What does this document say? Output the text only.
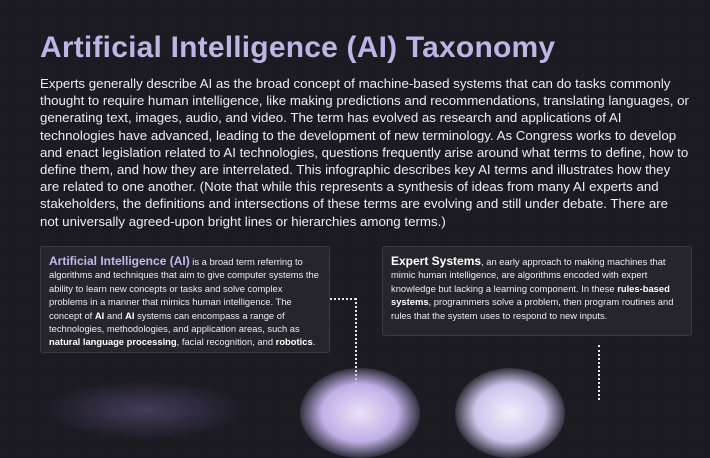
Artificial Intelligence (AI) Taxonomy

Experts generally describe AI as the broad concept of machine-based systems that can do tasks commonly thought to require human intelligence, like making predictions and recommendations, translating languages, or generating text, images, audio, and video. The term has evolved as research and applications of AI technologies have advanced, leading to the development of new terminology. As Congress works to develop and enact legislation related to AI technologies, questions frequently arise around what terms to define, how to define them, and how they are interrelated. This infographic describes key AI terms and illustrates how they are related to one another. (Note that while this represents a synthesis of ideas from many AI experts and stakeholders, the definitions and intersections of these terms are evolving and still under debate. There are not universally agreed-upon bright lines or hierarchies among terms.)

Artificial Intelligence (AI) is a broad term referring to algorithms and techniques that aim to give computer systems the ability to learn new concepts or tasks and solve complex problems in a manner that mimics human intelligence. The concept of AI and AI systems can encompass a range of technologies, methodologies, and application areas, such as natural language processing, facial recognition, and robotics.
Expert Systems, an early approach to making machines that mimic human intelligence, are algorithms encoded with expert knowledge but lacking a learning component. In these rules-based systems, programmers solve a problem, then program routines and rules that the system uses to respond to new inputs.
